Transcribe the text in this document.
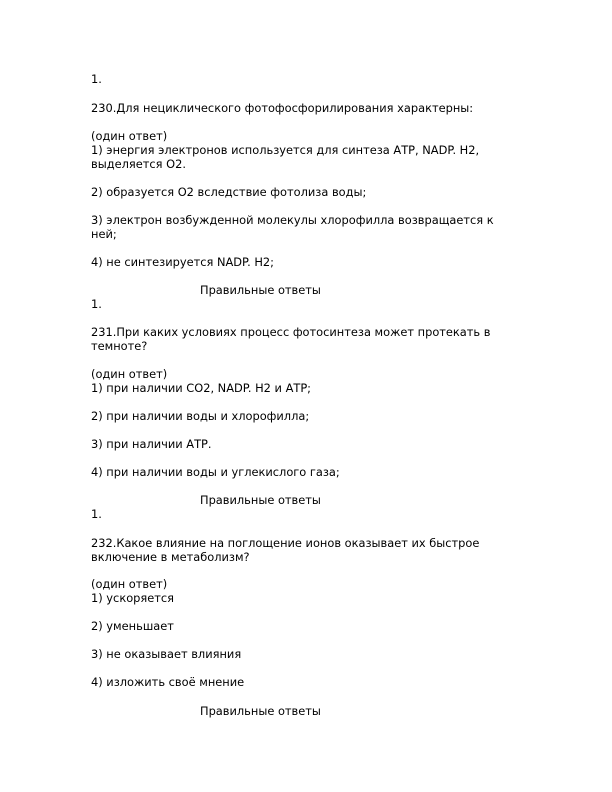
1.
230.Для нециклического фотофосфорилирования характерны:
(один ответ)
1) энергия электронов используется для синтеза АТР, NADP. Н2, выделяется О2.
2) образуется О2 вследствие фотолиза воды;
3) электрон возбужденной молекулы хлорофилла возвращается к ней;
4) не синтезируется NADP. Н2;
Правильные ответы
1.
231.При каких условиях процесс фотосинтеза может протекать в темноте?
(один ответ)
1) при наличии СО2, NADP. Н2 и АТР;
2) при наличии воды и хлорофилла;
3) при наличии АТР.
4) при наличии воды и углекислого газа;
Правильные ответы
1.
232.Какое влияние на поглощение ионов оказывает их быстрое включение в метаболизм?
(один ответ)
1) ускоряется
2) уменьшает
3) не оказывает влияния
4) изложить своё мнение
Правильные ответы
